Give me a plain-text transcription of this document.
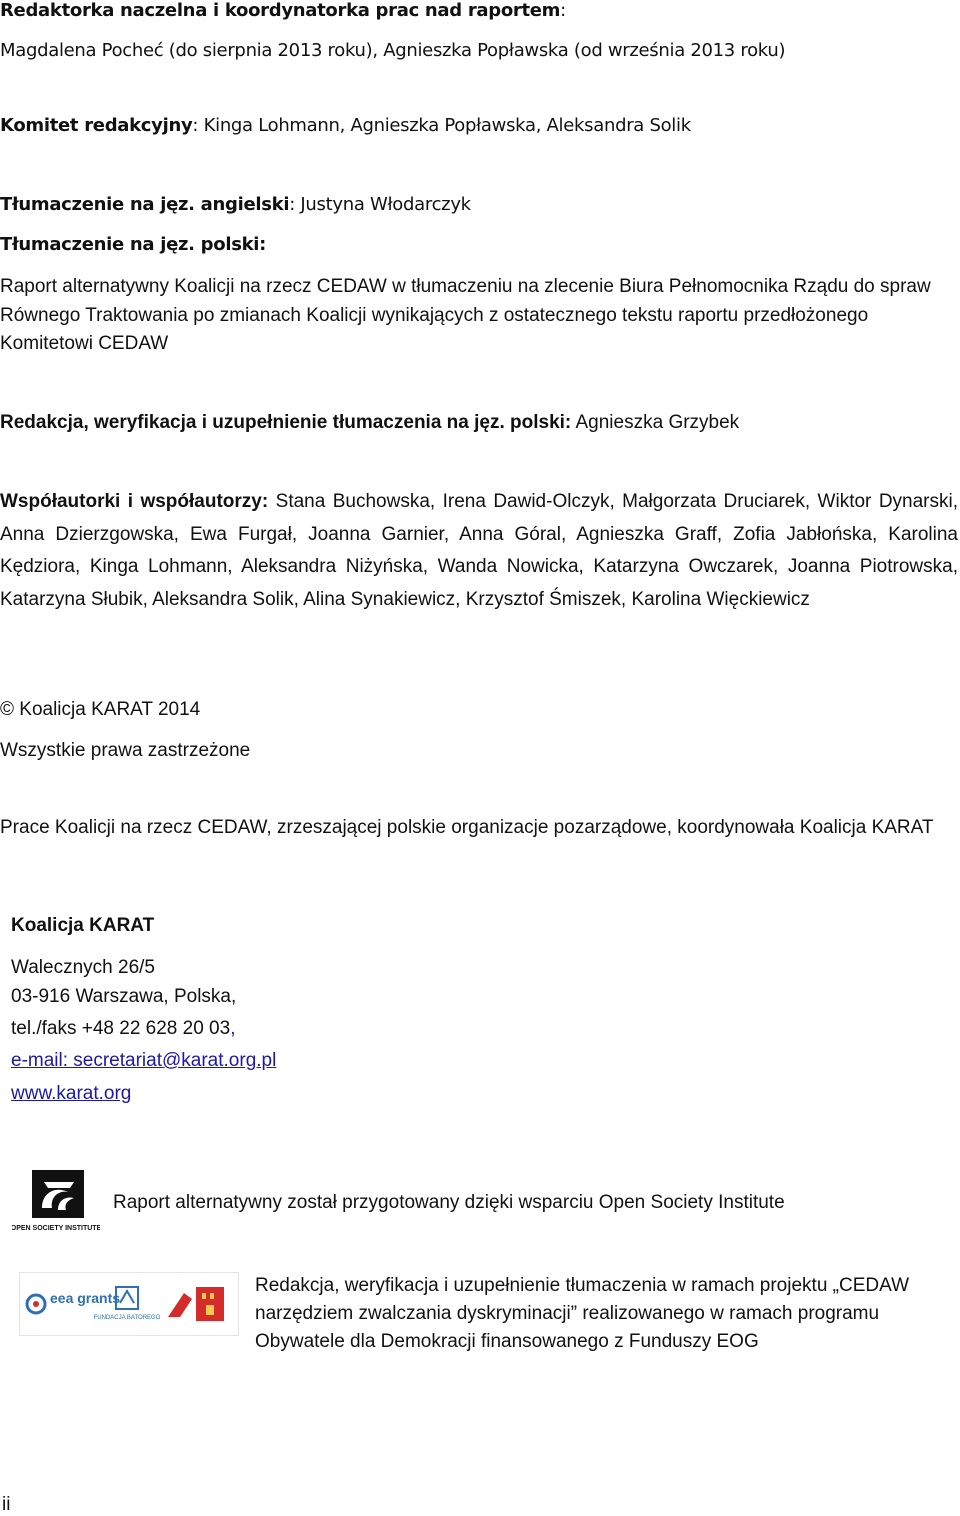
Redaktorka naczelna i koordynatorka prac nad raportem:
Magdalena Pocheć (do sierpnia 2013 roku), Agnieszka Popławska (od września 2013 roku)
Komitet redakcyjny: Kinga Lohmann, Agnieszka Popławska, Aleksandra Solik
Tłumaczenie na jęz. angielski: Justyna Włodarczyk
Tłumaczenie na jęz. polski:
Raport alternatywny Koalicji na rzecz CEDAW w tłumaczeniu na zlecenie Biura Pełnomocnika Rządu do spraw Równego Traktowania po zmianach Koalicji wynikających z ostatecznego tekstu raportu przedłożonego Komitetowi CEDAW
Redakcja, weryfikacja i uzupełnienie tłumaczenia na jęz. polski: Agnieszka Grzybek
Współautorki i współautorzy: Stana Buchowska, Irena Dawid-Olczyk, Małgorzata Druciarek, Wiktor Dynarski, Anna Dzierzgowska, Ewa Furgał, Joanna Garnier, Anna Góral, Agnieszka Graff, Zofia Jabłońska, Karolina Kędziora, Kinga Lohmann, Aleksandra Niżyńska, Wanda Nowicka, Katarzyna Owczarek, Joanna Piotrowska, Katarzyna Słubik, Aleksandra Solik, Alina Synakiewicz, Krzysztof Śmiszek, Karolina Więckiewicz
© Koalicja KARAT 2014
Wszystkie prawa zastrzeżone
Prace Koalicji na rzecz CEDAW, zrzeszającej polskie organizacje pozarządowe, koordynowała Koalicja KARAT
Koalicja KARAT
Walecznych 26/5
03-916 Warszawa, Polska,
tel./faks +48 22 628 20 03,
e-mail: secretariat@karat.org.pl
www.karat.org
OPEN SOCIETY INSTITUTE
Raport alternatywny został przygotowany dzięki wsparciu Open Society Institute
eea grants
FUNDACJA BATOREGO
Redakcja, weryfikacja i uzupełnienie tłumaczenia w ramach projektu „CEDAW narzędziem zwalczania dyskryminacji” realizowanego w ramach programu Obywatele dla Demokracji finansowanego z Funduszy EOG
ii
